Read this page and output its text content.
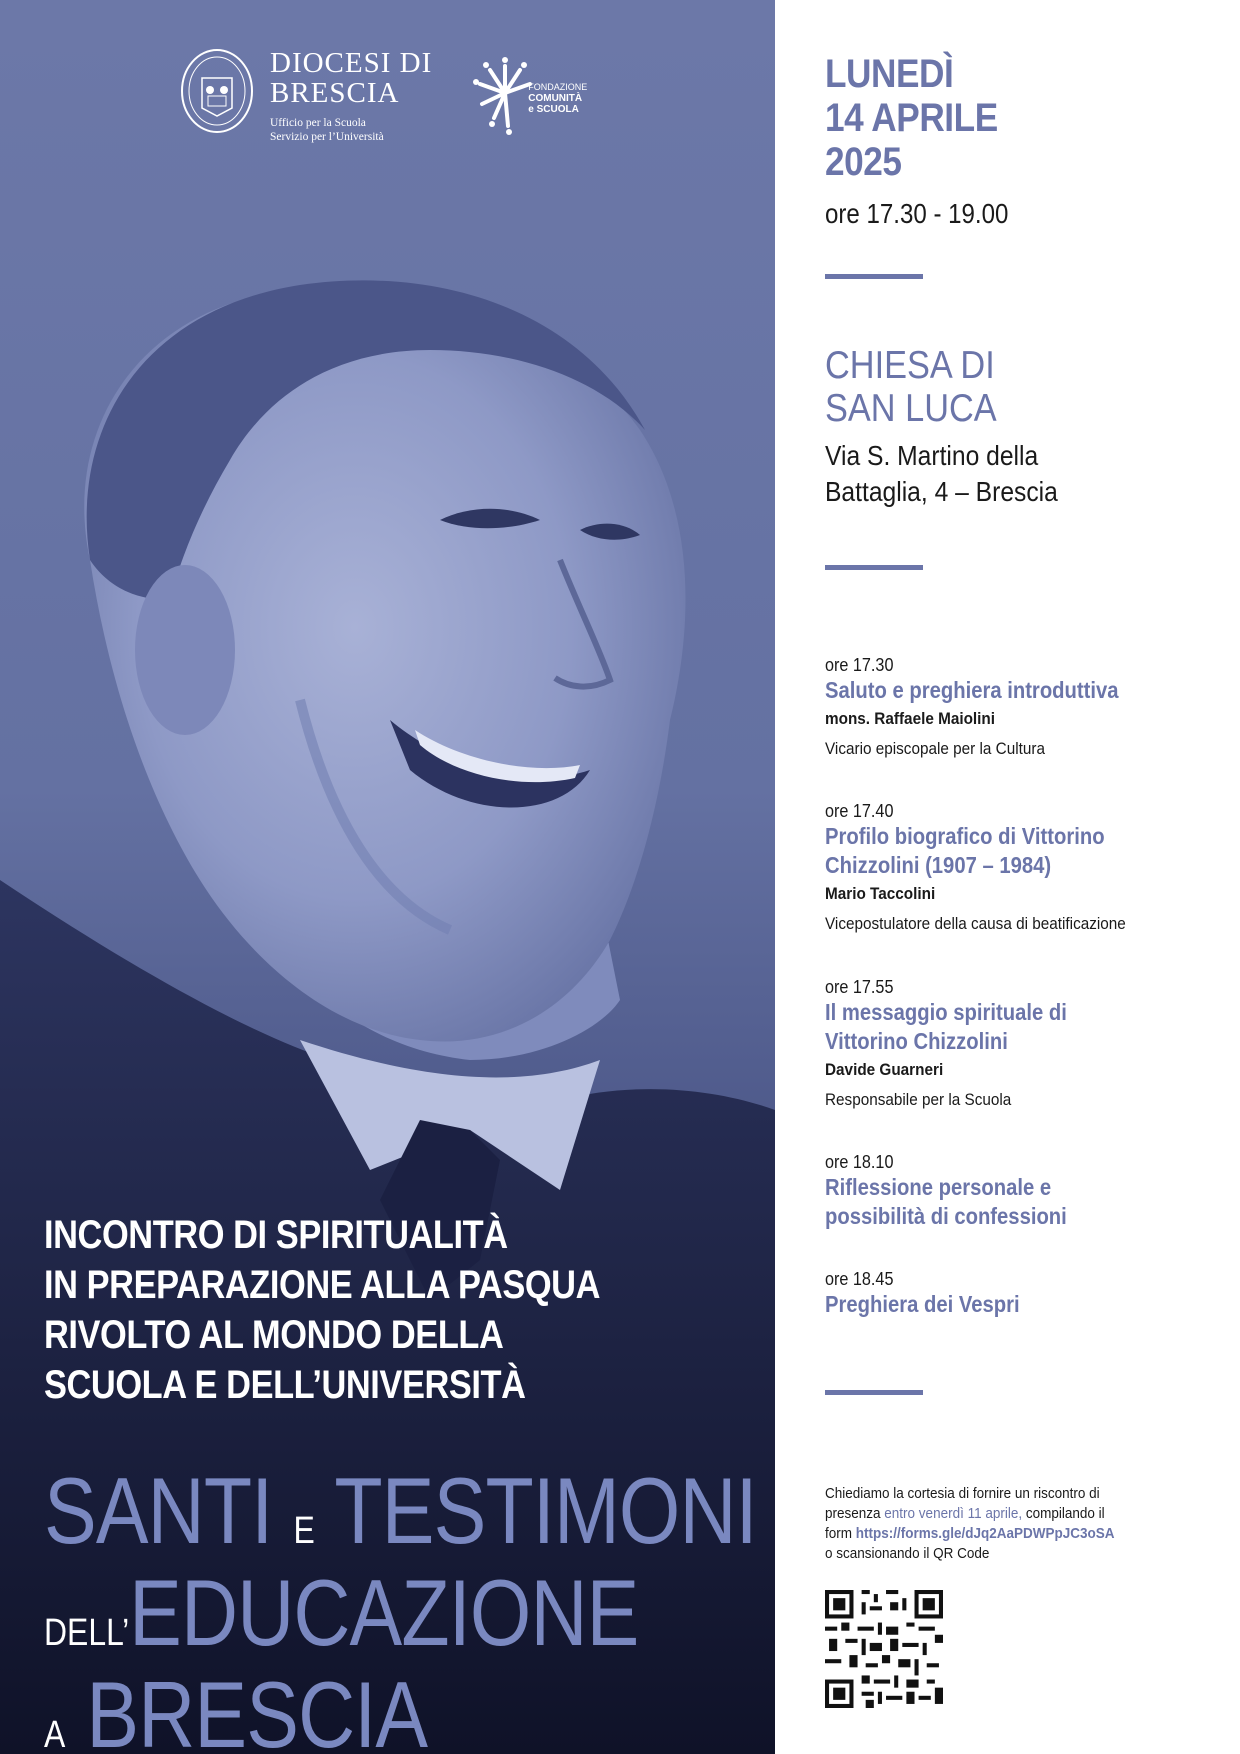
DIOCESI DI
BRESCIA
Ufficio per la Scuola
Servizio per l’Università
FONDAZIONE
COMUNITÀ
e SCUOLA
INCONTRO DI SPIRITUALITÀ
IN PREPARAZIONE ALLA PASQUA
RIVOLTO AL MONDO DELLA
SCUOLA E DELL’UNIVERSITÀ
SANTI E TESTIMONI
DELL’EDUCAZIONE
A BRESCIA
LUNEDÌ
14 APRILE
2025
ore 17.30 - 19.00
CHIESA DI
SAN LUCA
Via S. Martino della
Battaglia, 4 – Brescia
ore 17.30
Saluto e preghiera introduttiva
mons. Raffaele Maiolini
Vicario episcopale per la Cultura
ore 17.40
Profilo biografico di Vittorino
Chizzolini (1907 – 1984)
Mario Taccolini
Vicepostulatore della causa di beatificazione
ore 17.55
Il messaggio spirituale di
Vittorino Chizzolini
Davide Guarneri
Responsabile per la Scuola
ore 18.10
Riflessione personale e
possibilità di confessioni
ore 18.45
Preghiera dei Vespri
Chiediamo la cortesia di fornire un riscontro di
presenza entro venerdì 11 aprile, compilando il
form https://forms.gle/dJq2AaPDWPpJC3oSA
o scansionando il QR Code
